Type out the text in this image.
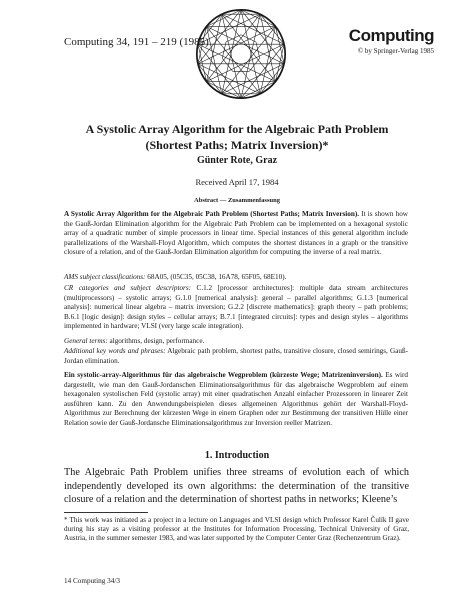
Computing 34, 191 – 219 (1985)	Computing
© by Springer-Verlag 1985
A Systolic Array Algorithm for the Algebraic Path Problem
(Shortest Paths; Matrix Inversion)*
Günter Rote, Graz
Received April 17, 1984
Abstract — Zusammenfassung

A Systolic Array Algorithm for the Algebraic Path Problem (Shortest Paths; Matrix Inversion). It is shown how the Gauß-Jordan Elimination algorithm for the Algebraic Path Problem can be implemented on a hexagonal systolic array of a quadratic number of simple processors in linear time. Special instances of this general algorithm include parallelizations of the Warshall-Floyd Algorithm, which computes the shortest distances in a graph or the transitive closure of a relation, and of the Gauß-Jordan Elimination algorithm for computing the inverse of a real matrix.

AMS subject classifications: 68A05, (05C35, 05C38, 16A78, 65F05, 68E10).

CR categories and subject descriptors: C.1.2 [processor architectures]: multiple data stream architectures (multiprocessors) – systolic arrays; G.1.0 [numerical analysis]: general – parallel algorithms; G.1.3 [numerical analysis]: numerical linear algebra – matrix inversion; G.2.2 [discrete mathematics]: graph theory – path problems; B.6.1 [logic design]: design styles – cellular arrays; B.7.1 [integrated circuits]: types and design styles – algorithms implemented in hardware; VLSI (very large scale integration).

General terms: algorithms, design, performance.

Additional key words and phrases: Algebraic path problem, shortest paths, transitive closure, closed semirings, Gauß-Jordan elimination.

Ein systolic-array-Algorithmus für das algebraische Wegproblem (kürzeste Wege; Matrizeninversion). Es wird dargestellt, wie man den Gauß-Jordanschen Eliminationsalgorithmus für das algebraische Wegproblem auf einem hexagonalen systolischen Feld (systolic array) mit einer quadratischen Anzahl einfacher Prozessoren in linearer Zeit ausführen kann. Zu den Anwendungsbeispielen dieses allgemeinen Algorithmus gehört der Warshall-Floyd-Algorithmus zur Berechnung der kürzesten Wege in einem Graphen oder zur Bestimmung der transitiven Hülle einer Relation sowie der Gauß-Jordansche Eliminationsalgorithmus zur Inversion reeller Matrizen.

1. Introduction

The Algebraic Path Problem unifies three streams of evolution each of which independently developed its own algorithms: the determination of the transitive closure of a relation and the determination of shortest paths in networks; Kleene’s

* This work was initiated as a project in a lecture on Languages and VLSI design which Professor Karel Čulík II gave during his stay as a visiting professor at the Institutes for Information Processing, Technical University of Graz, Austria, in the summer semester 1983, and was later supported by the Computer Center Graz (Rechenzentrum Graz).

14 Computing 34/3
